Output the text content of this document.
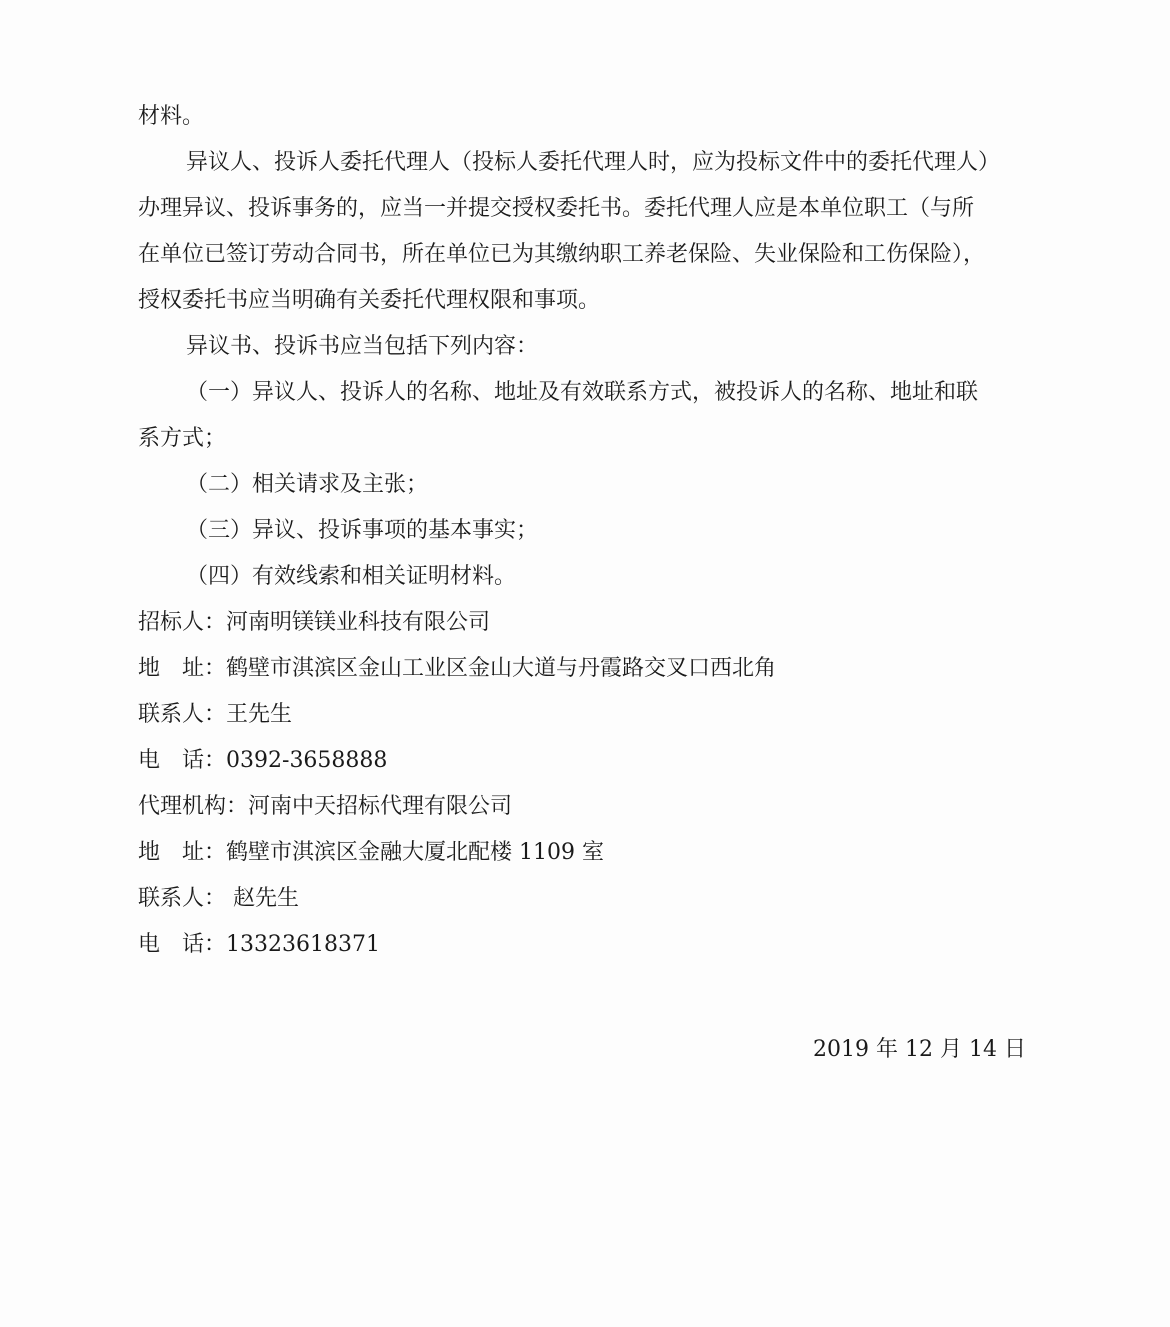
材料。
异议人、投诉人委托代理人（投标人委托代理人时，应为投标文件中的委托代理人）
办理异议、投诉事务的，应当一并提交授权委托书。委托代理人应是本单位职工（与所
在单位已签订劳动合同书，所在单位已为其缴纳职工养老保险、失业保险和工伤保险），
授权委托书应当明确有关委托代理权限和事项。
异议书、投诉书应当包括下列内容：
（一）异议人、投诉人的名称、地址及有效联系方式，被投诉人的名称、地址和联
系方式；
（二）相关请求及主张；
（三）异议、投诉事项的基本事实；
（四）有效线索和相关证明材料。
招标人：河南明镁镁业科技有限公司
地　址：鹤壁市淇滨区金山工业区金山大道与丹霞路交叉口西北角
联系人：王先生
电　话：0392-3658888
代理机构：河南中天招标代理有限公司
地　址：鹤壁市淇滨区金融大厦北配楼 1109 室
联系人： 赵先生
电　话：13323618371
2019 年 12 月 14 日
